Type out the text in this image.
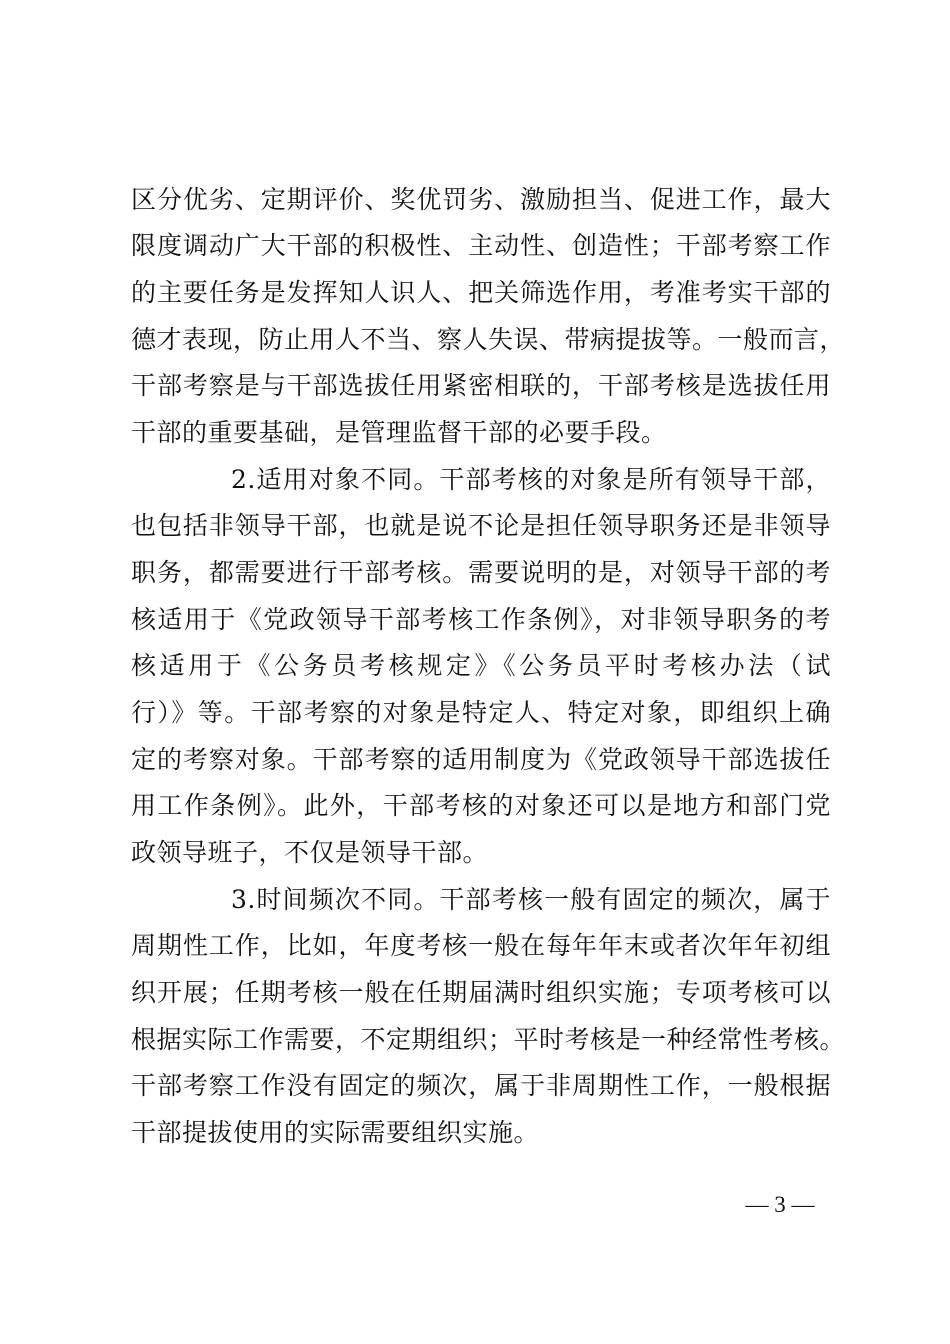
区分优劣、定期评价、奖优罚劣、激励担当、促进工作，最大
限度调动广大干部的积极性、主动性、创造性；干部考察工作
的主要任务是发挥知人识人、把关筛选作用，考准考实干部的
德才表现，防止用人不当、察人失误、带病提拔等。一般而言，
干部考察是与干部选拔任用紧密相联的，干部考核是选拔任用
干部的重要基础，是管理监督干部的必要手段。
2.适用对象不同。干部考核的对象是所有领导干部，
也包括非领导干部，也就是说不论是担任领导职务还是非领导
职务，都需要进行干部考核。需要说明的是，对领导干部的考
核适用于《党政领导干部考核工作条例》，对非领导职务的考
核适用于《公务员考核规定》《公务员平时考核办法（试
行）》等。干部考察的对象是特定人、特定对象，即组织上确
定的考察对象。干部考察的适用制度为《党政领导干部选拔任
用工作条例》。此外，干部考核的对象还可以是地方和部门党
政领导班子，不仅是领导干部。
3.时间频次不同。干部考核一般有固定的频次，属于
周期性工作，比如，年度考核一般在每年年末或者次年年初组
织开展；任期考核一般在任期届满时组织实施；专项考核可以
根据实际工作需要，不定期组织；平时考核是一种经常性考核。
干部考察工作没有固定的频次，属于非周期性工作，一般根据
干部提拔使用的实际需要组织实施。
— 3 —
